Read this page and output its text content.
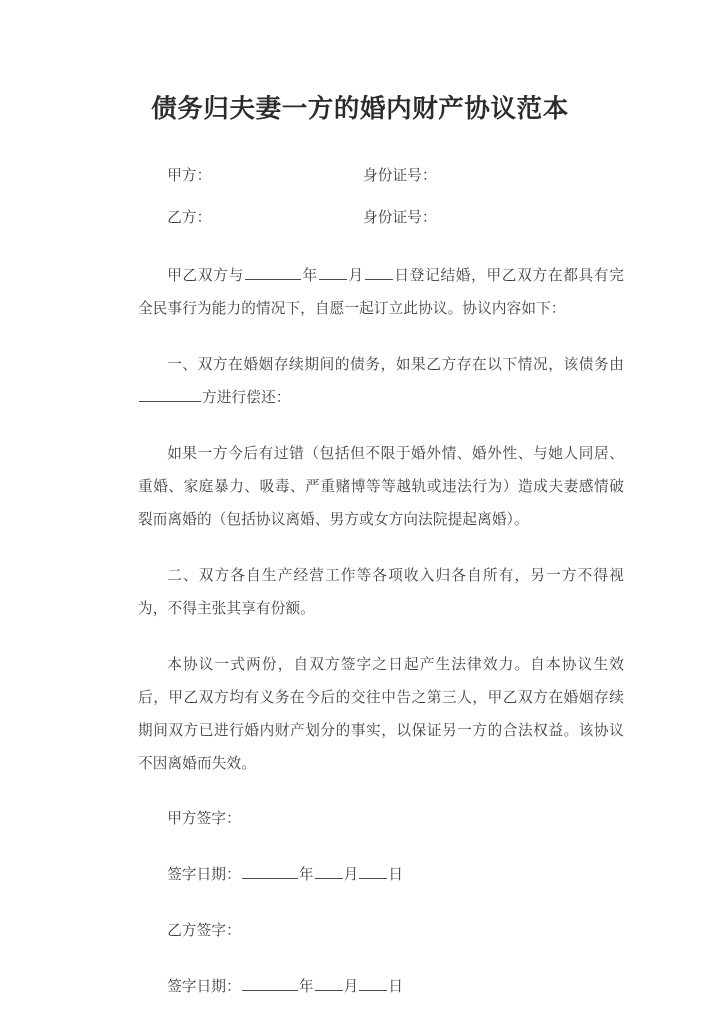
债务归夫妻一方的婚内财产协议范本
甲方：	身份证号：
乙方：	身份证号：

甲乙双方与	年 月 日登记结婚，甲乙双方在都具有完全民事行为能力的情况下，自愿一起订立此协议。协议内容如下：

一、双方在婚姻存续期间的债务，如果乙方存在以下情况，该债务由方进行偿还：

如果一方今后有过错（包括但不限于婚外情、婚外性、与她人同居、重婚、家庭暴力、吸毒、严重赌博等等越轨或违法行为）造成夫妻感情破裂而离婚的（包括协议离婚、男方或女方向法院提起离婚）。

二、双方各自生产经营工作等各项收入归各自所有，另一方不得视为，不得主张其享有份额。

本协议一式两份，自双方签字之日起产生法律效力。自本协议生效后，甲乙双方均有义务在今后的交往中告之第三人，甲乙双方在婚姻存续期间双方已进行婚内财产划分的事实，以保证另一方的合法权益。该协议不因离婚而失效。

甲方签字：

签字日期：	年 月 日

乙方签字：

签字日期：	年 月 日
